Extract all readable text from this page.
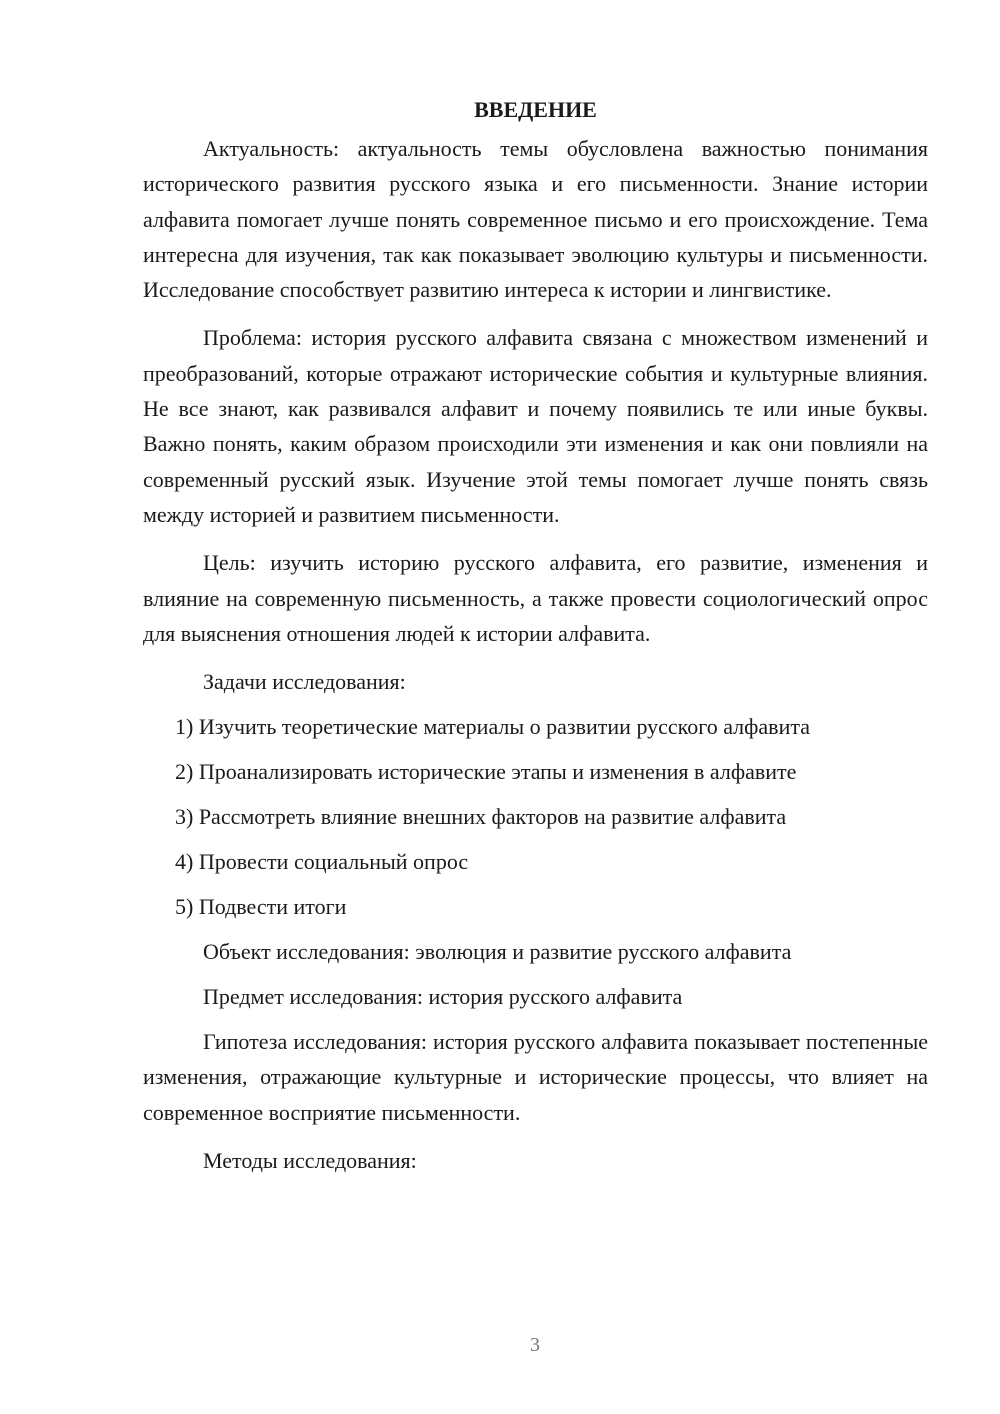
ВВЕДЕНИЕ

Актуальность: актуальность темы обусловлена важностью понимания исторического развития русского языка и его письменности. Знание истории алфавита помогает лучше понять современное письмо и его происхождение. Тема интересна для изучения, так как показывает эволюцию культуры и письменности. Исследование способствует развитию интереса к истории и лингвистике.

Проблема: история русского алфавита связана с множеством изменений и преобразований, которые отражают исторические события и культурные влияния. Не все знают, как развивался алфавит и почему появились те или иные буквы. Важно понять, каким образом происходили эти изменения и как они повлияли на современный русский язык. Изучение этой темы помогает лучше понять связь между историей и развитием письменности.

Цель: изучить историю русского алфавита, его развитие, изменения и влияние на современную письменность, а также провести социологический опрос для выяснения отношения людей к истории алфавита.

Задачи исследования:

1) Изучить теоретические материалы о развитии русского алфавита
2) Проанализировать исторические этапы и изменения в алфавите
3) Рассмотреть влияние внешних факторов на развитие алфавита
4) Провести социальный опрос
5) Подвести итоги

Объект исследования: эволюция и развитие русского алфавита

Предмет исследования: история русского алфавита

Гипотеза исследования: история русского алфавита показывает постепенные изменения, отражающие культурные и исторические процессы, что влияет на современное восприятие письменности.

Методы исследования:

3
